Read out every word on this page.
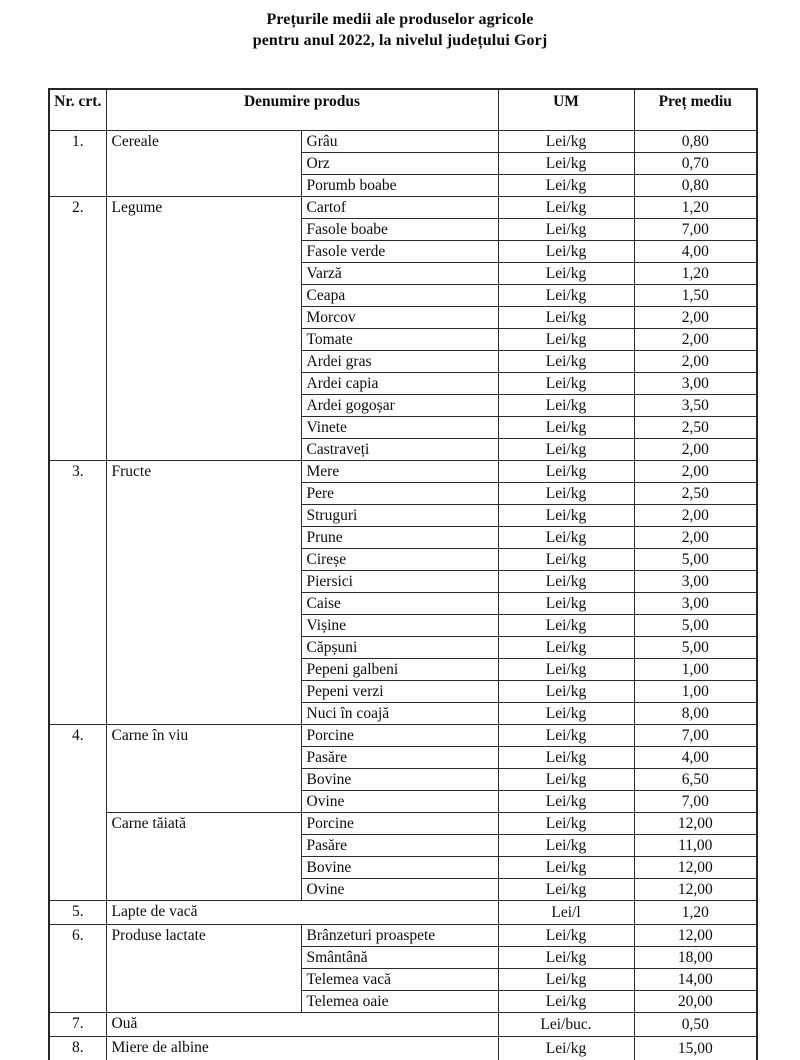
Prețurile medii ale produselor agricole
pentru anul 2022, la nivelul județului Gorj
Nr. crt.	Denumire produs		UM	Preț mediu
1.	Cereale	Grâu	Lei/kg	0,80
		Orz	Lei/kg	0,70
		Porumb boabe	Lei/kg	0,80
2.	Legume	Cartof	Lei/kg	1,20
		Fasole boabe	Lei/kg	7,00
		Fasole verde	Lei/kg	4,00
		Varză	Lei/kg	1,20
		Ceapa	Lei/kg	1,50
		Morcov	Lei/kg	2,00
		Tomate	Lei/kg	2,00
		Ardei gras	Lei/kg	2,00
		Ardei capia	Lei/kg	3,00
		Ardei gogoșar	Lei/kg	3,50
		Vinete	Lei/kg	2,50
		Castraveți	Lei/kg	2,00
3.	Fructe	Mere	Lei/kg	2,00
		Pere	Lei/kg	2,50
		Struguri	Lei/kg	2,00
		Prune	Lei/kg	2,00
		Cireșe	Lei/kg	5,00
		Piersici	Lei/kg	3,00
		Caise	Lei/kg	3,00
		Vișine	Lei/kg	5,00
		Căpșuni	Lei/kg	5,00
		Pepeni galbeni	Lei/kg	1,00
		Pepeni verzi	Lei/kg	1,00
		Nuci în coajă	Lei/kg	8,00
4.	Carne în viu	Porcine	Lei/kg	7,00
		Pasăre	Lei/kg	4,00
		Bovine	Lei/kg	6,50
		Ovine	Lei/kg	7,00
	Carne tăiată	Porcine	Lei/kg	12,00
		Pasăre	Lei/kg	11,00
		Bovine	Lei/kg	12,00
		Ovine	Lei/kg	12,00
5.	Lapte de vacă		Lei/l	1,20
6.	Produse lactate	Brânzeturi proaspete	Lei/kg	12,00
		Smântână	Lei/kg	18,00
		Telemea vacă	Lei/kg	14,00
		Telemea oaie	Lei/kg	20,00
7.	Ouă		Lei/buc.	0,50
8.	Miere de albine		Lei/kg	15,00
